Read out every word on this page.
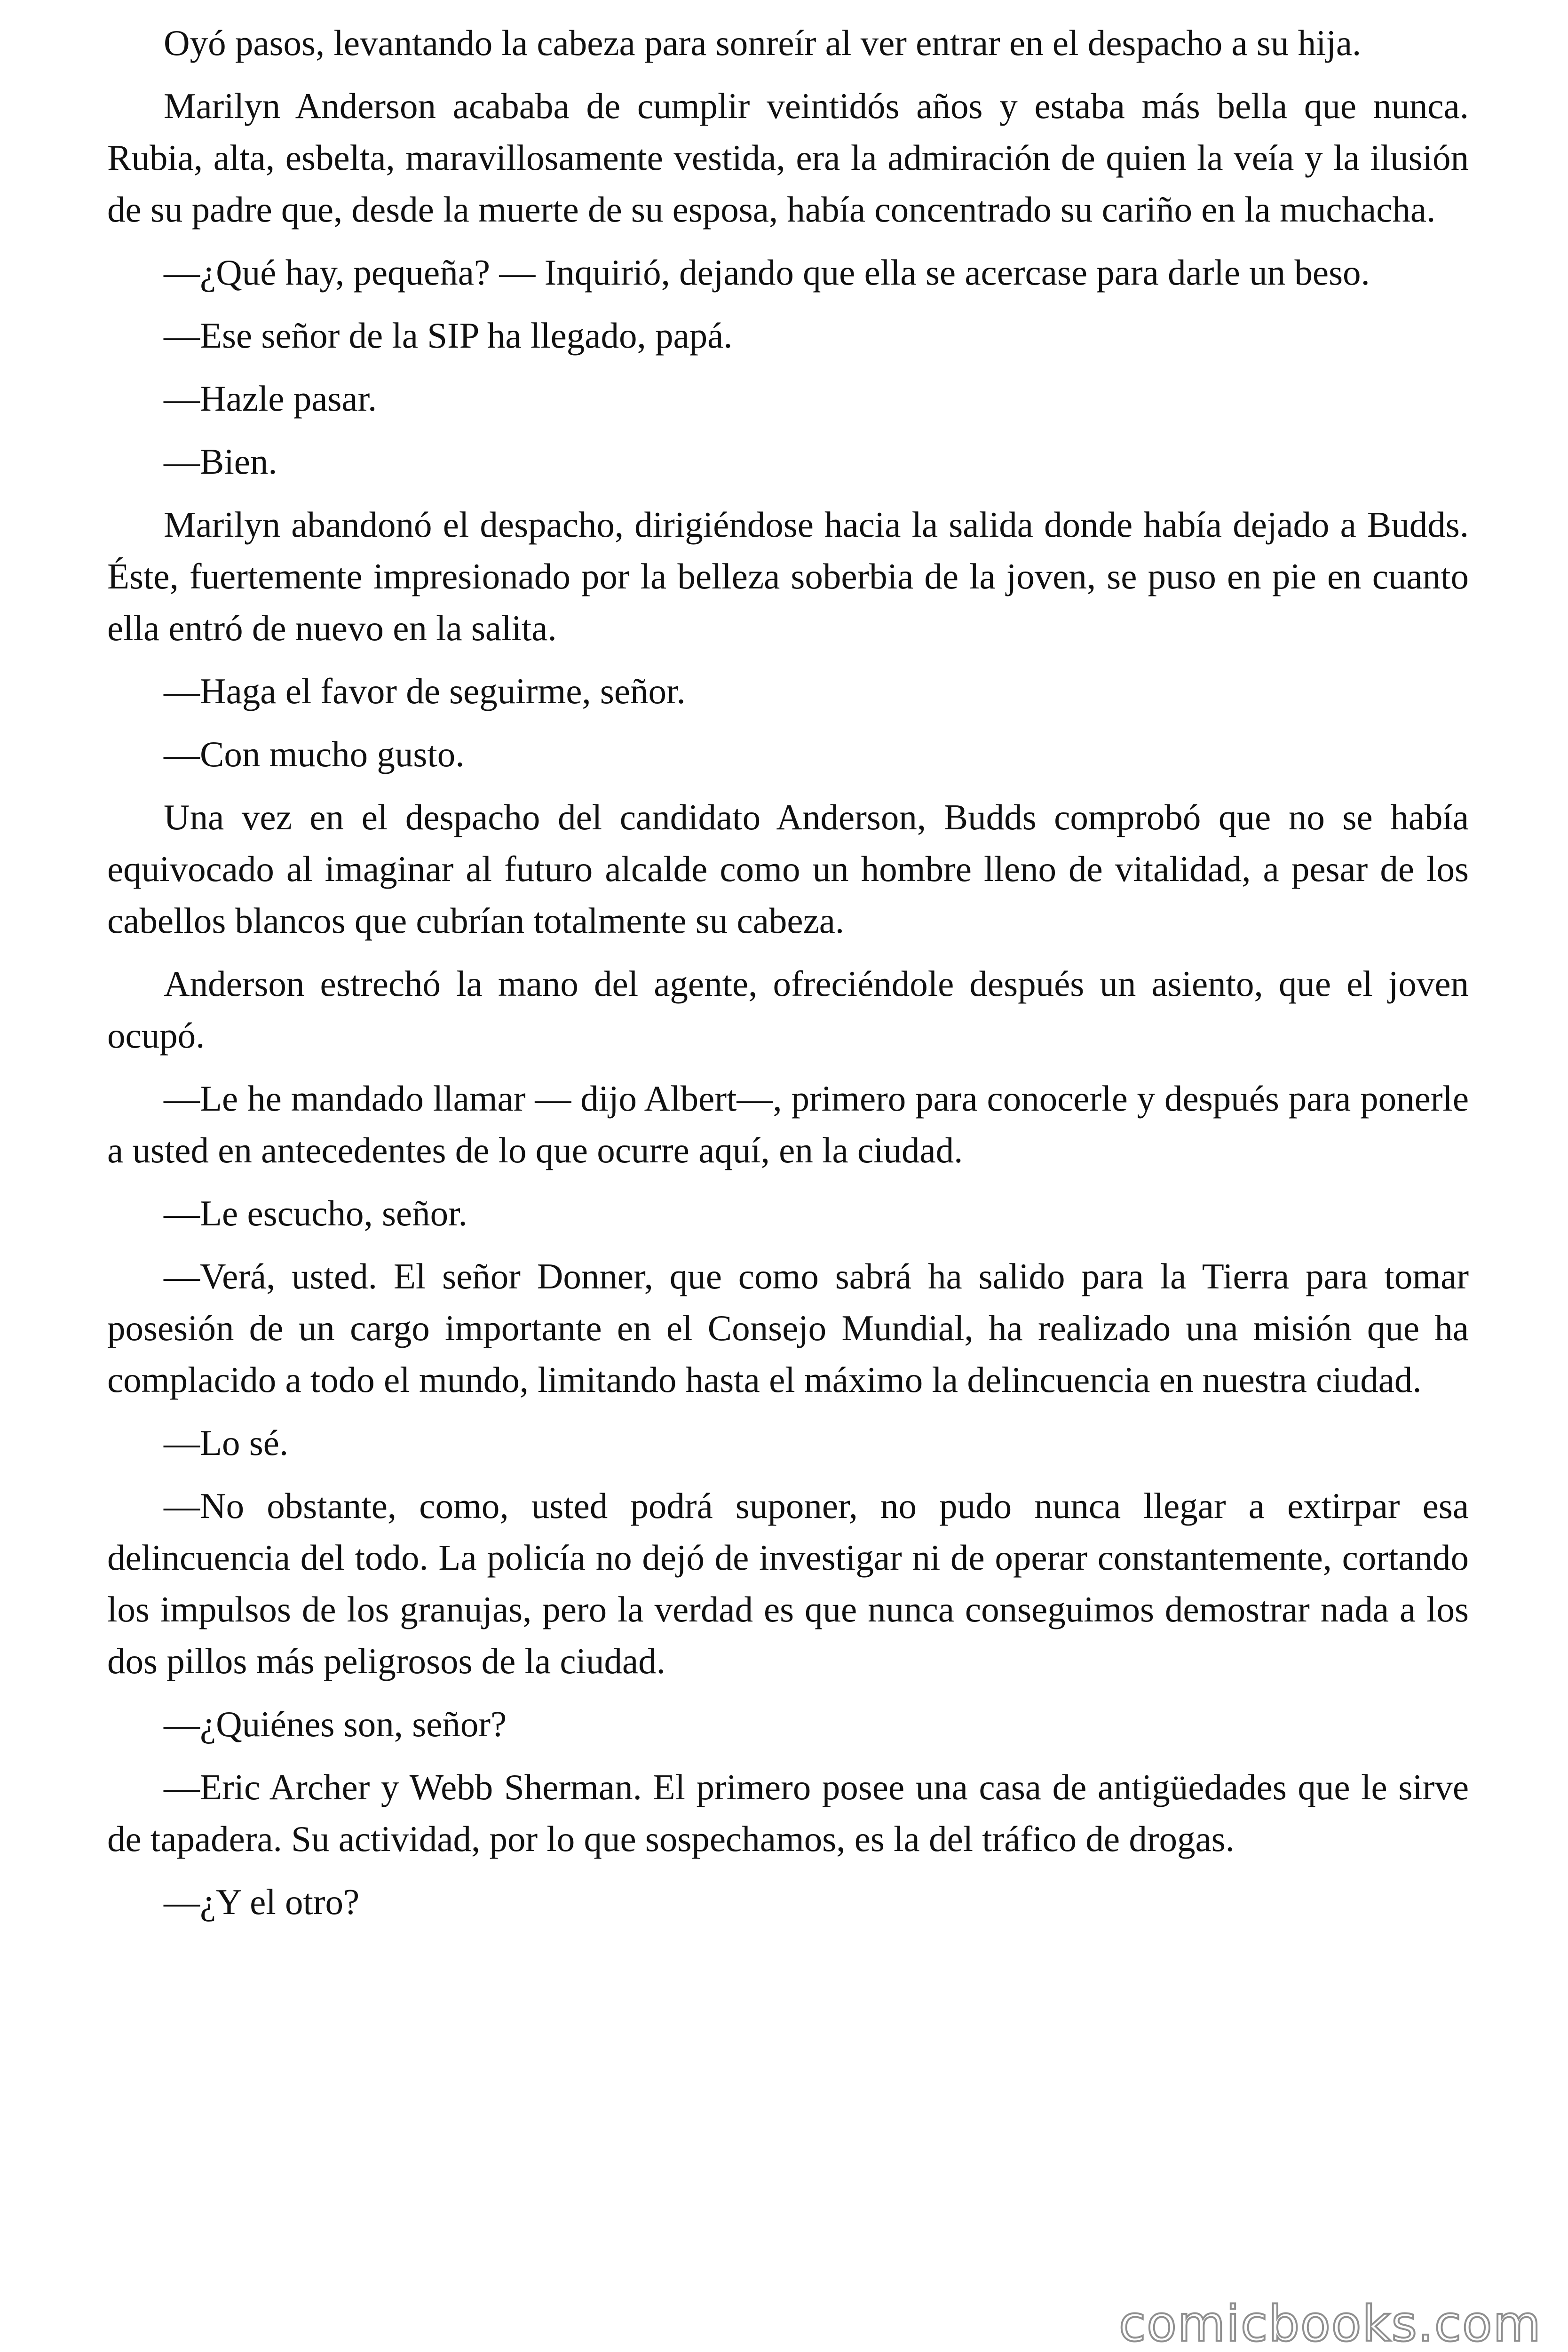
Oyó pasos, levantando la cabeza para sonreír al ver entrar en el despacho a su hija.

Marilyn Anderson acababa de cumplir veintidós años y estaba más bella que nunca. Rubia, alta, esbelta, maravillosamente vestida, era la admiración de quien la veía y la ilusión de su padre que, desde la muerte de su esposa, había concentrado su cariño en la muchacha.

—¿Qué hay, pequeña? — Inquirió, dejando que ella se acercase para darle un beso.

—Ese señor de la SIP ha llegado, papá.

—Hazle pasar.

—Bien.

Marilyn abandonó el despacho, dirigiéndose hacia la salida donde había dejado a Budds. Éste, fuertemente impresionado por la belleza soberbia de la joven, se puso en pie en cuanto ella entró de nuevo en la salita.

—Haga el favor de seguirme, señor.

—Con mucho gusto.

Una vez en el despacho del candidato Anderson, Budds comprobó que no se había equivocado al imaginar al futuro alcalde como un hombre lleno de vitalidad, a pesar de los cabellos blancos que cubrían totalmente su cabeza.

Anderson estrechó la mano del agente, ofreciéndole después un asiento, que el joven ocupó.

—Le he mandado llamar — dijo Albert—, primero para conocerle y después para ponerle a usted en antecedentes de lo que ocurre aquí, en la ciudad.

—Le escucho, señor.

—Verá, usted. El señor Donner, que como sabrá ha salido para la Tierra para tomar posesión de un cargo importante en el Consejo Mundial, ha realizado una misión que ha complacido a todo el mundo, limitando hasta el máximo la delincuencia en nuestra ciudad.

—Lo sé.

—No obstante, como, usted podrá suponer, no pudo nunca llegar a extirpar esa delincuencia del todo. La policía no dejó de investigar ni de operar constantemente, cortando los impulsos de los granujas, pero la verdad es que nunca conseguimos demostrar nada a los dos pillos más peligrosos de la ciudad.

—¿Quiénes son, señor?

—Eric Archer y Webb Sherman. El primero posee una casa de antigüedades que le sirve de tapadera. Su actividad, por lo que sospechamos, es la del tráfico de drogas.

—¿Y el otro?

comicbooks.com
